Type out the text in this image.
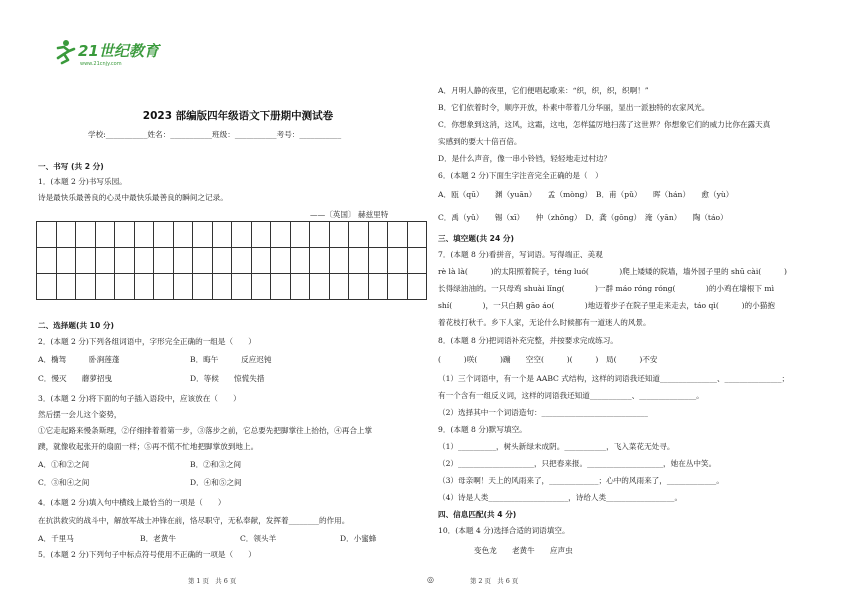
21世纪教育
www.21cnjy.com
2023 部编版四年级语文下册期中测试卷
学校:___________姓名：___________班级：___________考号：___________
一、书写 (共 2 分)
1．(本题 2 分)书写乐园。
诗是最快乐最善良的心灵中最快乐最善良的瞬间之记录。
——〔英国〕 赫兹里特

二、选择题(共 10 分)
2．(本题 2 分)下列各组词语中，字形完全正确的一组是（　　）
A．椭驾　　　卧涧莲蓬	B．晦午　　　反应迟钝
C．慢灭　　蘑萝招曳	D．等候　　惊慌失措
3．(本题 2 分)将下面的句子插入语段中，应该放在（　　）
然后摆一会儿这个姿势，
①它走起路来慢条斯理，②仔细排着着第一步，③落步之前，它总要先把脚掌往上抬抬，④再合上掌
蹼，就像收起张开的扇面一样；⑤再不慌不忙地把脚掌放到地上。
A．①和②之间	B．②和③之间
C．③和④之间	D．④和⑤之间
4．(本题 2 分)填入句中横线上最恰当的一项是（　　）
在抗洪救灾的战斗中，解放军战士冲锋在前，恪尽职守，无私奉献，发挥着________的作用。
A．千里马	B．老黄牛	C．领头羊	D．小蜜蜂
5．(本题 2 分)下列句子中标点符号使用不正确的一项是（　　）
第 1 页　共 6 页	◎
A．月明人静的夜里，它们便唱起歌来：“织，织，织，织啊！”
B．它们依着时令，顺序开放，朴素中带着几分华丽，显出一派独特的农家风光。
C．你想象到这消，这风，这霜，这电，怎样猛厉地扫荡了这世界？你想象它们的威力比你在露天真
实感到的要大十倍百倍。
D．是什么声音，像一串小铃铛，轻轻地走过村边？
6．(本题 2 分)下面生字注音完全正确的是（　）
A．瓯（qū）　　渊（yuān）　　孟（mòng）　B．甫（pǔ）　　晖（hán）　　愈（yù）
C．禹（yǔ）　　锡（xī）　　仲（zhōng）　D．龚（gōng）　淹（yān）　　陶（táo）
三、填空题(共 24 分)
7．(本题 8 分)看拼音，写词语。写得端正、美观
rè là là(　　　)的太阳照着院子，téng luó(　　　　)爬上矮矮的院墙，墙外园子里的 shū cài(　　　)
长得绿油油的。一只母鸡 shuài lǐng(　　　　)一群 máo róng róng(　　　　)的小鸡在墙根下 mì
shí(　　　　)，一只白鹅 gāo áo(　　　　)地迈着步子在院子里走来走去，táo qì(　　　)的小猫抱
着花枝打秋千。乡下人家，无论什么时候都有一道迷人的风景。
8．(本题 8 分)把词语补充完整，并按要求完成练习。
(　　　)咲(　　　)蹦　　空空(　　　)(　　　)　局(　　　)不安
（1）三个词语中，有一个是 AABC 式结构，这样的词语我还知道_______________、_______________；
有一个含有一组反义词，这样的词语我还知道___________、_______________。
（2）选择其中一个词语造句：____________________________
9．(本题 8 分)默写填空。
（1）__________，树头新绿未成阴。___________，飞入菜花无处寻。
（2）____________________，只把春来报。____________________，她在丛中笑。
（3）母亲啊！天上的风雨来了，_____________；心中的风雨来了，_____________。
（4）诗是人类_____________________，诗给人类__________________。
四、信息匹配(共 4 分)
10．(本题 4 分)选择合适的词语填空。
变色龙　　老黄牛　　应声虫
第 2 页　共 6 页
